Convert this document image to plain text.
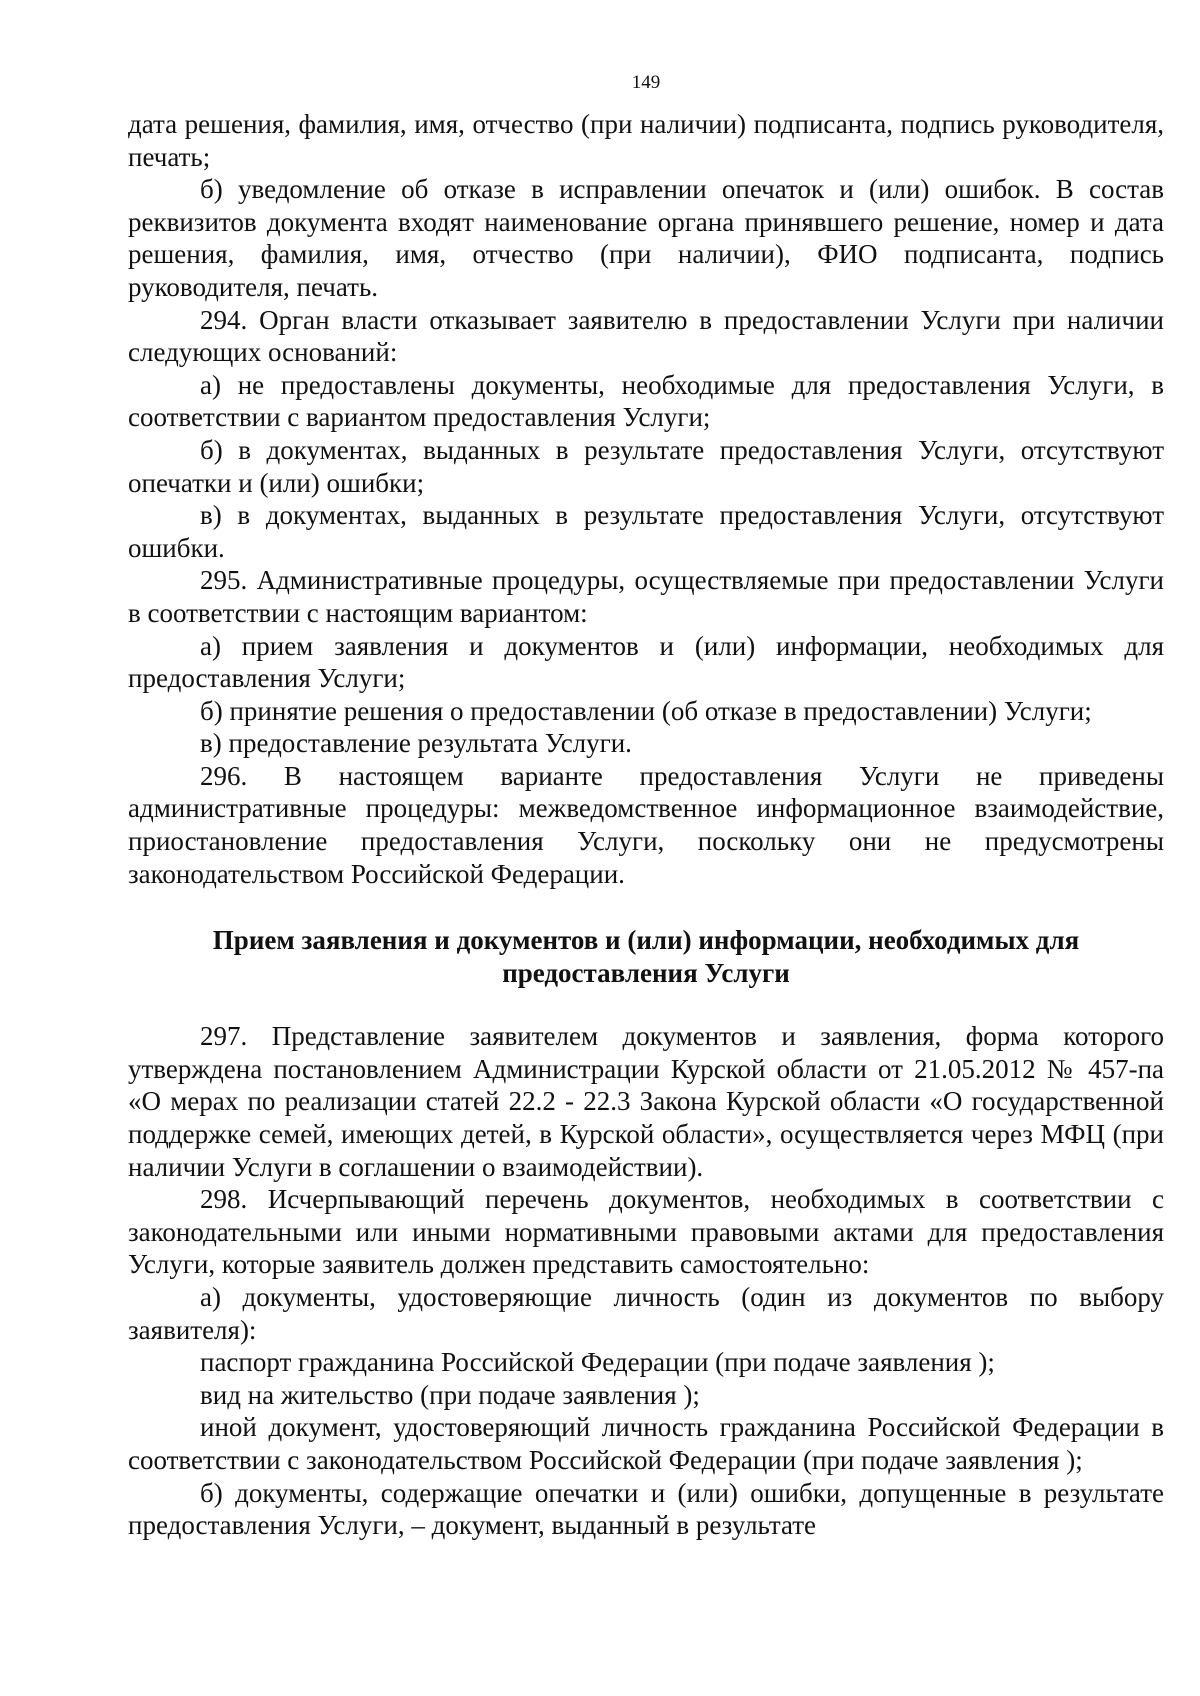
149

дата решения, фамилия, имя, отчество (при наличии) подписанта, подпись руководителя, печать;

б) уведомление об отказе в исправлении опечаток и (или) ошибок. В состав реквизитов документа входят наименование органа принявшего решение, номер и дата решения, фамилия, имя, отчество (при наличии), ФИО подписанта, подпись руководителя, печать.

294. Орган власти отказывает заявителю в предоставлении Услуги при наличии следующих оснований:

а) не предоставлены документы, необходимые для предоставления Услуги, в соответствии с вариантом предоставления Услуги;

б) в документах, выданных в результате предоставления Услуги, отсутствуют опечатки и (или) ошибки;

в) в документах, выданных в результате предоставления Услуги, отсутствуют ошибки.

295. Административные процедуры, осуществляемые при предоставлении Услуги в соответствии с настоящим вариантом:

а) прием заявления и документов и (или) информации, необходимых для предоставления Услуги;

б) принятие решения о предоставлении (об отказе в предоставлении) Услуги;

в) предоставление результата Услуги.

296. В настоящем варианте предоставления Услуги не приведены административные процедуры: межведомственное информационное взаимодействие, приостановление предоставления Услуги, поскольку они не предусмотрены законодательством Российской Федерации.

Прием заявления и документов и (или) информации, необходимых для
предоставления Услуги

297. Представление заявителем документов и заявления, форма которого утверждена постановлением Администрации Курской области от 21.05.2012 № 457-па «О мерах по реализации статей 22.2 - 22.3 Закона Курской области «О государственной поддержке семей, имеющих детей, в Курской области», осуществляется через МФЦ (при наличии Услуги в соглашении о взаимодействии).

298. Исчерпывающий перечень документов, необходимых в соответствии с законодательными или иными нормативными правовыми актами для предоставления Услуги, которые заявитель должен представить самостоятельно:

а) документы, удостоверяющие личность (один из документов по выбору заявителя):

паспорт гражданина Российской Федерации (при подаче заявления );

вид на жительство (при подаче заявления );

иной документ, удостоверяющий личность гражданина Российской Федерации в соответствии с законодательством Российской Федерации (при подаче заявления );

б) документы, содержащие опечатки и (или) ошибки, допущенные в результате предоставления Услуги, – документ, выданный в результате
